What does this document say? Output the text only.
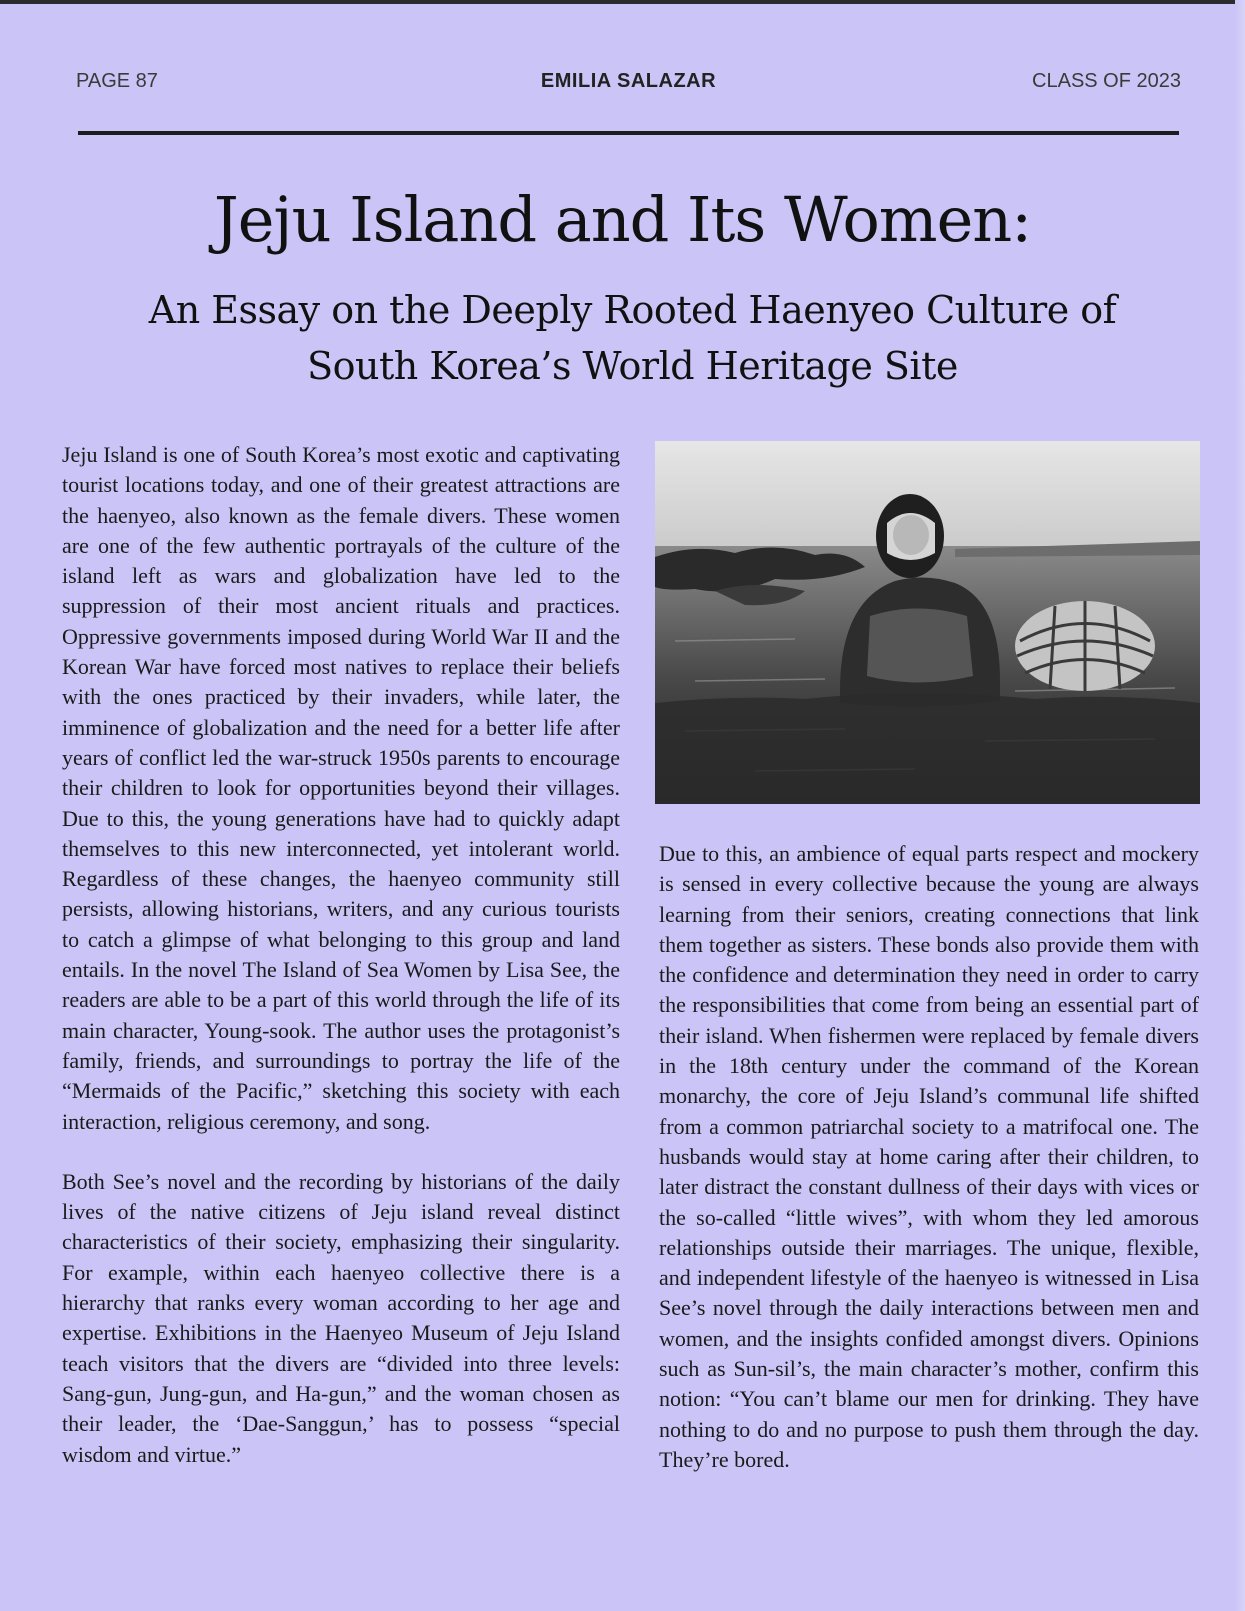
PAGE 87	EMILIA SALAZAR	CLASS OF 2023
Jeju Island and Its Women:
An Essay on the Deeply Rooted Haenyeo Culture of
South Korea’s World Heritage Site

Jeju Island is one of South Korea’s most exotic and captivating tourist locations today, and one of their greatest attractions are the haenyeo, also known as the female divers. These women are one of the few authentic portrayals of the culture of the island left as wars and globalization have led to the suppression of their most ancient rituals and practices. Oppressive governments imposed during World War II and the Korean War have forced most natives to replace their beliefs with the ones practiced by their invaders, while later, the imminence of globalization and the need for a better life after years of conflict led the war-struck 1950s parents to encourage their children to look for opportunities beyond their villages. Due to this, the young generations have had to quickly adapt themselves to this new interconnected, yet intolerant world. Regardless of these changes, the haenyeo community still persists, allowing historians, writers, and any curious tourists to catch a glimpse of what belonging to this group and land entails. In the novel The Island of Sea Women by Lisa See, the readers are able to be a part of this world through the life of its main character, Young-sook. The author uses the protagonist’s family, friends, and surroundings to portray the life of the “Mermaids of the Pacific,” sketching this society with each interaction, religious ceremony, and song.

Both See’s novel and the recording by historians of the daily lives of the native citizens of Jeju island reveal distinct characteristics of their society, emphasizing their singularity. For example, within each haenyeo collective there is a hierarchy that ranks every woman according to her age and expertise. Exhibitions in the Haenyeo Museum of Jeju Island teach visitors that the divers are “divided into three levels: Sang-gun, Jung-gun, and Ha-gun,” and the woman chosen as their leader, the ‘Dae-Sanggun,’ has to possess “special wisdom and virtue.”

Due to this, an ambience of equal parts respect and mockery is sensed in every collective because the young are always learning from their seniors, creating connections that link them together as sisters. These bonds also provide them with the confidence and determination they need in order to carry the responsibilities that come from being an essential part of their island. When fishermen were replaced by female divers in the 18th century under the command of the Korean monarchy, the core of Jeju Island’s communal life shifted from a common patriarchal society to a matrifocal one. The husbands would stay at home caring after their children, to later distract the constant dullness of their days with vices or the so-called “little wives”, with whom they led amorous relationships outside their marriages. The unique, flexible, and independent lifestyle of the haenyeo is witnessed in Lisa See’s novel through the daily interactions between men and women, and the insights confided amongst divers. Opinions such as Sun-sil’s, the main character’s mother, confirm this notion: “You can’t blame our men for drinking. They have nothing to do and no purpose to push them through the day. They’re bored.
